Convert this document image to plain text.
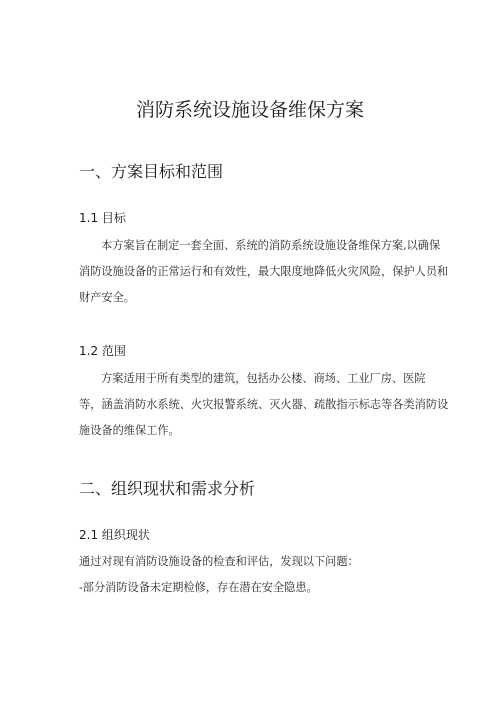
消防系统设施设备维保方案
一、方案目标和范围
1.1 目标

本方案旨在制定一套全面、系统的消防系统设施设备维保方案,以确保
消防设施设备的正常运行和有效性，最大限度地降低火灾风险，保护人员和
财产安全。

1.2 范围

方案适用于所有类型的建筑，包括办公楼、商场、工业厂房、医院
等，涵盖消防水系统、火灾报警系统、灭火器、疏散指示标志等各类消防设
施设备的维保工作。

二、组织现状和需求分析
2.1 组织现状

通过对现有消防设施设备的检查和评估，发现以下问题：
-部分消防设备未定期检修，存在潜在安全隐患。
